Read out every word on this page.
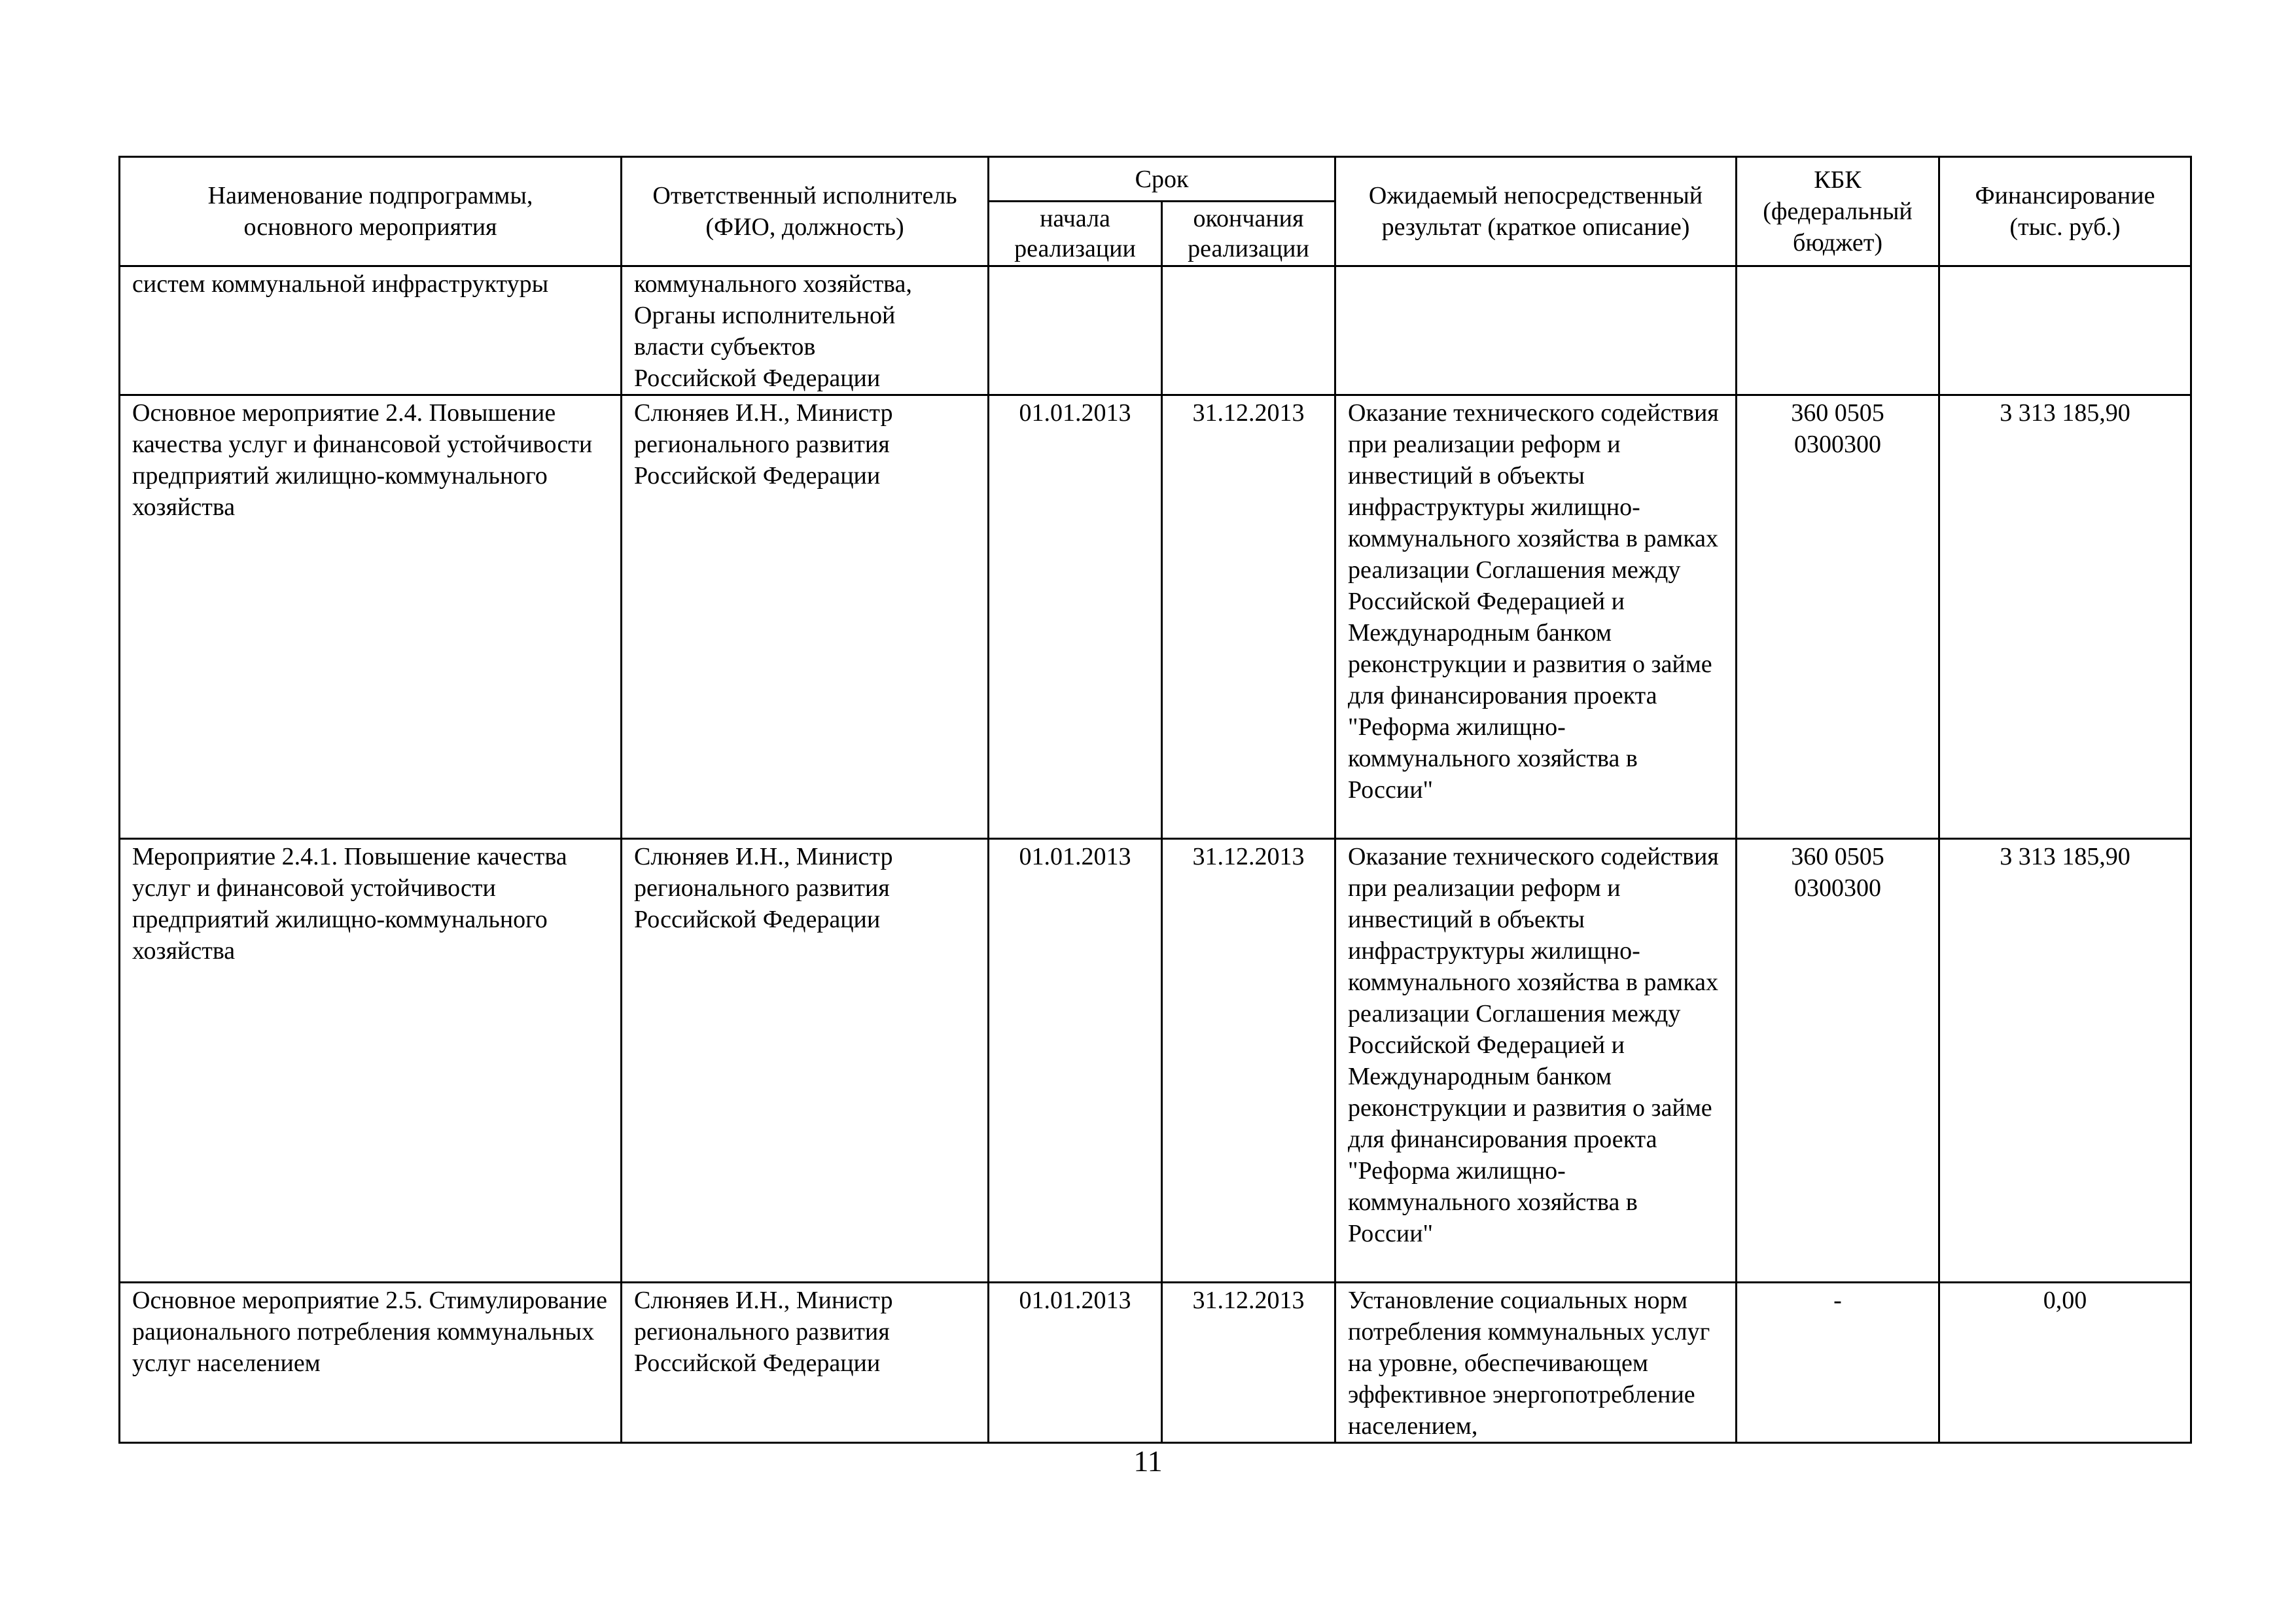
Наименование подпрограммы,
основного мероприятия	Ответственный исполнитель
(ФИО, должность)	Срок		Ожидаемый непосредственный
результат (краткое описание)	КБК
(федеральный
бюджет)	Финансирование
(тыс. руб.)
		начала
реализации	окончания
реализации			
систем коммунальной инфраструктуры	коммунального хозяйства,
Органы исполнительной
власти субъектов
Российской Федерации					
Основное мероприятие 2.4. Повышение качества услуг и финансовой устойчивости предприятий жилищно-коммунального хозяйства	Слюняев И.Н., Министр регионального развития Российской Федерации	01.01.2013	31.12.2013	Оказание технического содействия при реализации реформ и инвестиций в объекты инфраструктуры жилищно-коммунального хозяйства в рамках реализации Соглашения между Российской Федерацией и Международным банком реконструкции и развития о займе для финансирования проекта "Реформа жилищно-коммунального хозяйства в России"	360 0505
0300300	3 313 185,90
Мероприятие 2.4.1. Повышение качества услуг и финансовой устойчивости предприятий жилищно-коммунального хозяйства	Слюняев И.Н., Министр регионального развития Российской Федерации	01.01.2013	31.12.2013	Оказание технического содействия при реализации реформ и инвестиций в объекты инфраструктуры жилищно-коммунального хозяйства в рамках реализации Соглашения между Российской Федерацией и Международным банком реконструкции и развития о займе для финансирования проекта "Реформа жилищно-коммунального хозяйства в России"	360 0505
0300300	3 313 185,90
Основное мероприятие 2.5. Стимулирование рационального потребления коммунальных услуг населением	Слюняев И.Н., Министр регионального развития Российской Федерации	01.01.2013	31.12.2013	Установление социальных норм потребления коммунальных услуг на уровне, обеспечивающем эффективное энергопотребление населением,	-	0,00
11
